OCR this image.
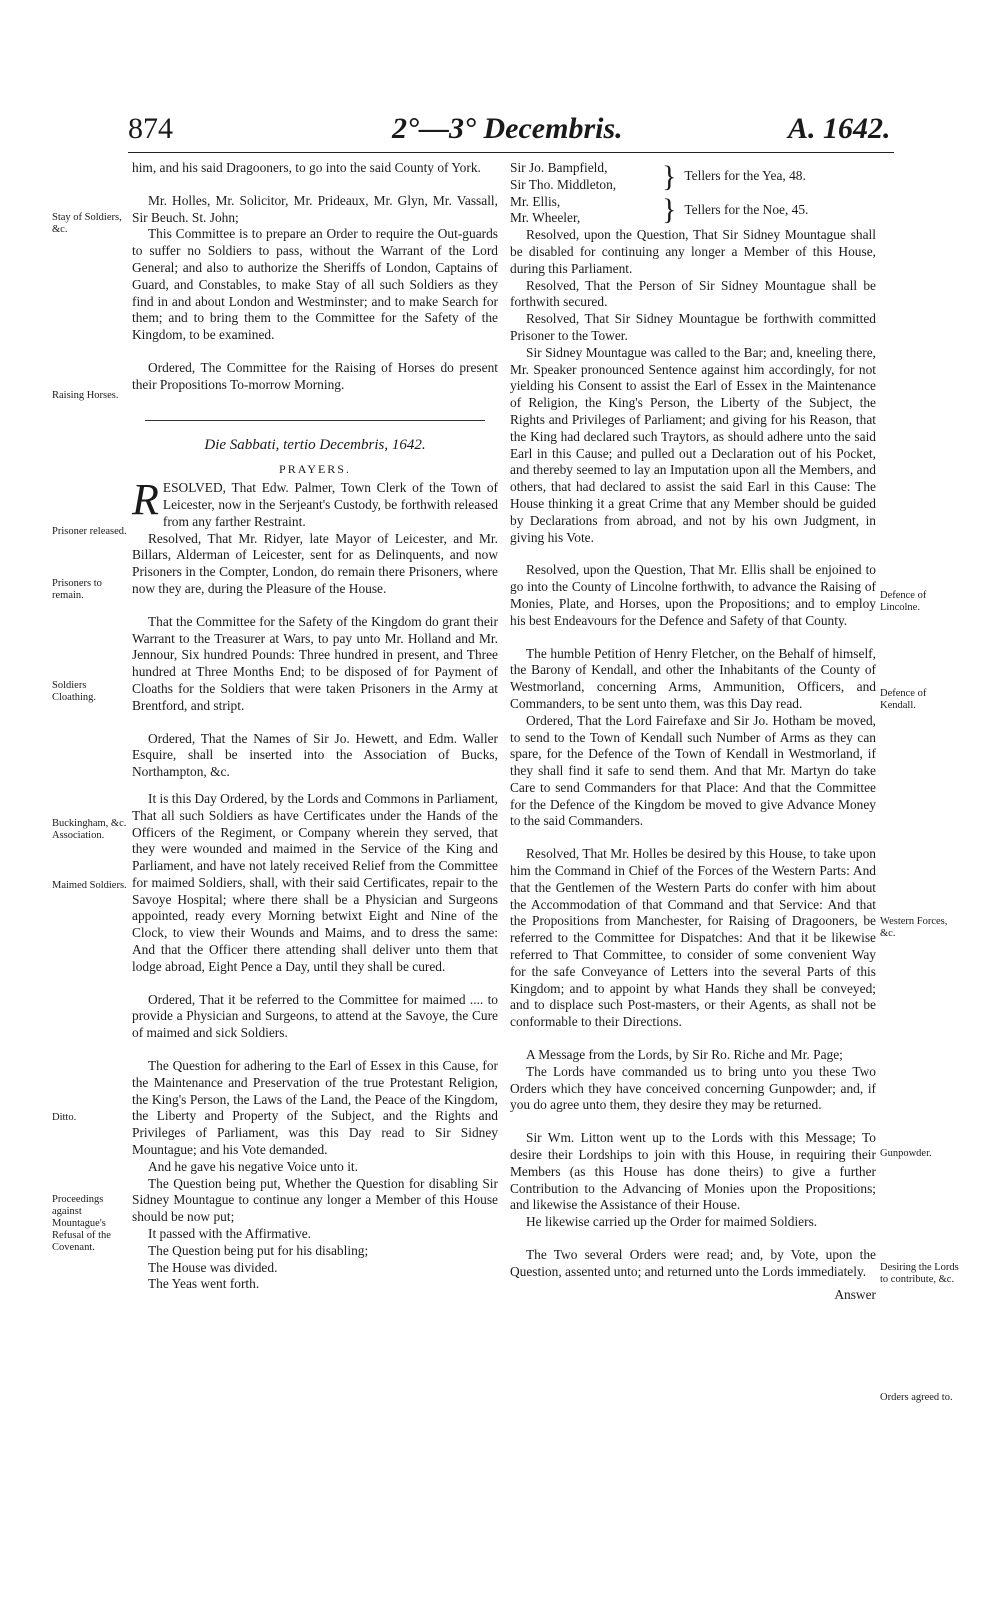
874	2°—3° Decembris.	A. 1642.

him, and his said Dragooners, to go into the said County of York.

Mr. Holles, Mr. Solicitor, Mr. Prideaux, Mr. Glyn, Mr. Vassall, Sir Beuch. St. John;

This Committee is to prepare an Order to require the Out-guards to suffer no Soldiers to pass, without the Warrant of the Lord General; and also to authorize the Sheriffs of London, Captains of Guard, and Constables, to make Stay of all such Soldiers as they find in and about London and Westminster; and to make Search for them; and to bring them to the Committee for the Safety of the Kingdom, to be examined.

Ordered, The Committee for the Raising of Horses do present their Propositions To-morrow Morning.

Die Sabbati, tertio Decembris, 1642.
PRAYERS.

RESOLVED, That Edw. Palmer, Town Clerk of the Town of Leicester, now in the Serjeant's Custody, be forthwith released from any farther Restraint.

Resolved, That Mr. Ridyer, late Mayor of Leicester, and Mr. Billars, Alderman of Leicester, sent for as Delinquents, and now Prisoners in the Compter, London, do remain there Prisoners, where now they are, during the Pleasure of the House.

That the Committee for the Safety of the Kingdom do grant their Warrant to the Treasurer at Wars, to pay unto Mr. Holland and Mr. Jennour, Six hundred Pounds: Three hundred in present, and Three hundred at Three Months End; to be disposed of for Payment of Cloaths for the Soldiers that were taken Prisoners in the Army at Brentford, and stript.

Ordered, That the Names of Sir Jo. Hewett, and Edm. Waller Esquire, shall be inserted into the Association of Bucks, Northampton, &c.

It is this Day Ordered, by the Lords and Commons in Parliament, That all such Soldiers as have Certificates under the Hands of the Officers of the Regiment, or Company wherein they served, that they were wounded and maimed in the Service of the King and Parliament, and have not lately received Relief from the Committee for maimed Soldiers, shall, with their said Certificates, repair to the Savoye Hospital; where there shall be a Physician and Surgeons appointed, ready every Morning betwixt Eight and Nine of the Clock, to view their Wounds and Maims, and to dress the same: And that the Officer there attending shall deliver unto them that lodge abroad, Eight Pence a Day, until they shall be cured.

Ordered, That it be referred to the Committee for maimed .... to provide a Physician and Surgeons, to attend at the Savoye, the Cure of maimed and sick Soldiers.

The Question for adhering to the Earl of Essex in this Cause, for the Maintenance and Preservation of the true Protestant Religion, the King's Person, the Laws of the Land, the Peace of the Kingdom, the Liberty and Property of the Subject, and the Rights and Privileges of Parliament, was this Day read to Sir Sidney Mountague; and his Vote demanded.

And he gave his negative Voice unto it.

The Question being put, Whether the Question for disabling Sir Sidney Mountague to continue any longer a Member of this House should be now put;

It passed with the Affirmative.

The Question being put for his disabling;

The House was divided.

The Yeas went forth.

Sir Jo. Bampfield,
Sir Tho. Middleton,	} Tellers for the Yea, 48.
Mr. Ellis,
Mr. Wheeler,	} Tellers for the Noe, 45.

Resolved, upon the Question, That Sir Sidney Mountague shall be disabled for continuing any longer a Member of this House, during this Parliament.

Resolved, That the Person of Sir Sidney Mountague shall be forthwith secured.

Resolved, That Sir Sidney Mountague be forthwith committed Prisoner to the Tower.

Sir Sidney Mountague was called to the Bar; and, kneeling there, Mr. Speaker pronounced Sentence against him accordingly, for not yielding his Consent to assist the Earl of Essex in the Maintenance of Religion, the King's Person, the Liberty of the Subject, the Rights and Privileges of Parliament; and giving for his Reason, that the King had declared such Traytors, as should adhere unto the said Earl in this Cause; and pulled out a Declaration out of his Pocket, and thereby seemed to lay an Imputation upon all the Members, and others, that had declared to assist the said Earl in this Cause: The House thinking it a great Crime that any Member should be guided by Declarations from abroad, and not by his own Judgment, in giving his Vote.

Resolved, upon the Question, That Mr. Ellis shall be enjoined to go into the County of Lincolne forthwith, to advance the Raising of Monies, Plate, and Horses, upon the Propositions; and to employ his best Endeavours for the Defence and Safety of that County.

The humble Petition of Henry Fletcher, on the Behalf of himself, the Barony of Kendall, and other the Inhabitants of the County of Westmorland, concerning Arms, Ammunition, Officers, and Commanders, to be sent unto them, was this Day read.

Ordered, That the Lord Fairefaxe and Sir Jo. Hotham be moved, to send to the Town of Kendall such Number of Arms as they can spare, for the Defence of the Town of Kendall in Westmorland, if they shall find it safe to send them. And that Mr. Martyn do take Care to send Commanders for that Place: And that the Committee for the Defence of the Kingdom be moved to give Advance Money to the said Commanders.

Resolved, That Mr. Holles be desired by this House, to take upon him the Command in Chief of the Forces of the Western Parts: And that the Gentlemen of the Western Parts do confer with him about the Accommodation of that Command and that Service: And that the Propositions from Manchester, for Raising of Dragooners, be referred to the Committee for Dispatches: And that it be likewise referred to That Committee, to consider of some convenient Way for the safe Conveyance of Letters into the several Parts of this Kingdom; and to appoint by what Hands they shall be conveyed; and to displace such Post-masters, or their Agents, as shall not be conformable to their Directions.

A Message from the Lords, by Sir Ro. Riche and Mr. Page;

The Lords have commanded us to bring unto you these Two Orders which they have conceived concerning Gunpowder; and, if you do agree unto them, they desire they may be returned.

Sir Wm. Litton went up to the Lords with this Message; To desire their Lordships to join with this House, in requiring their Members (as this House has done theirs) to give a further Contribution to the Advancing of Monies upon the Propositions; and likewise the Assistance of their House.

He likewise carried up the Order for maimed Soldiers.

The Two several Orders were read; and, by Vote, upon the Question, assented unto; and returned unto the Lords immediately.

Answer
Stay of Soldiers, &c.
Raising Horses.
Prisoner released.
Prisoners to remain.
Soldiers Cloathing.
Buckingham, &c. Association.
Maimed Soldiers.
Ditto.
Proceedings against Mountague's Refusal of the Covenant.
Defence of Lincolne.
Defence of Kendall.
Western Forces, &c.
Gunpowder.
Desiring the Lords to contribute, &c.
Orders agreed to.
